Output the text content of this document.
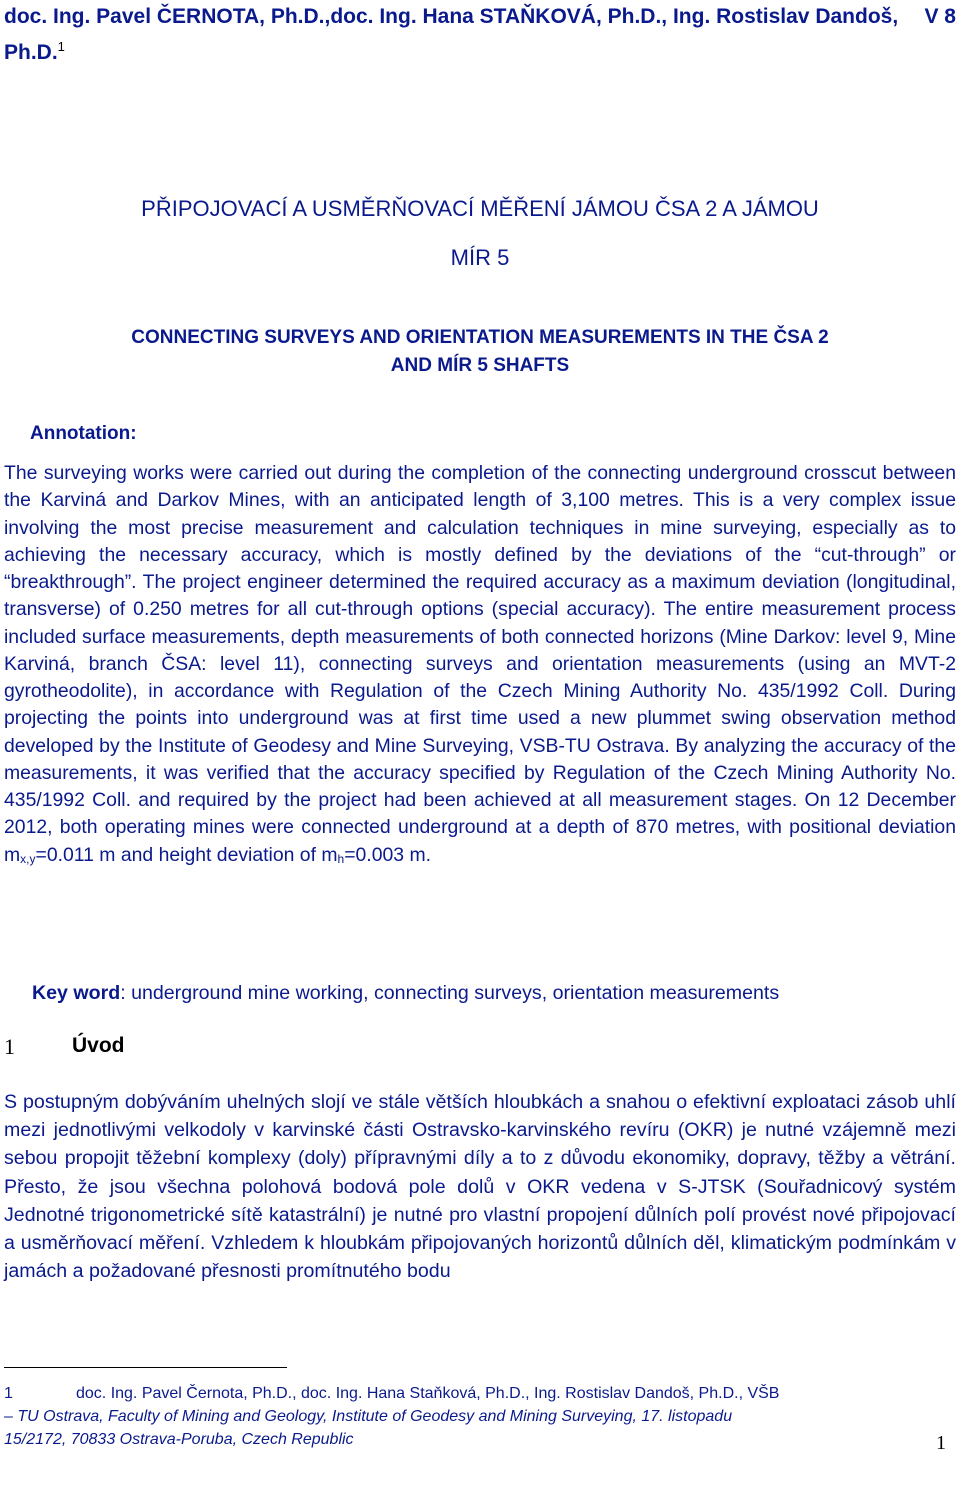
doc. Ing. Pavel ČERNOTA, Ph.D.,doc. Ing. Hana STAŇKOVÁ, Ph.D., Ing. Rostislav Dandoš, Ph.D.$^1$
V 8
PŘIPOJOVACÍ A USMĚRŇOVACÍ MĚŘENÍ JÁMOU ČSA 2 A JÁMOU
MÍR 5
CONNECTING SURVEYS AND ORIENTATION MEASUREMENTS IN THE ČSA 2
AND MÍR 5 SHAFTS
Annotation:

The surveying works were carried out during the completion of the connecting underground crosscut between the Karviná and Darkov Mines, with an anticipated length of 3,100 metres. This is a very complex issue involving the most precise measurement and calculation techniques in mine surveying, especially as to achieving the necessary accuracy, which is mostly defined by the deviations of the “cut-through” or “breakthrough”. The project engineer determined the required accuracy as a maximum deviation (longitudinal, transverse) of 0.250 metres for all cut-through options (special accuracy). The entire measurement process included surface measurements, depth measurements of both connected horizons (Mine Darkov: level 9, Mine Karviná, branch ČSA: level 11), connecting surveys and orientation measurements (using an MVT-2 gyrotheodolite), in accordance with Regulation of the Czech Mining Authority No. 435/1992 Coll. During projecting the points into underground was at first time used a new plummet swing observation method developed by the Institute of Geodesy and Mine Surveying, VSB-TU Ostrava. By analyzing the accuracy of the measurements, it was verified that the accuracy specified by Regulation of the Czech Mining Authority No. 435/1992 Coll. and required by the project had been achieved at all measurement stages. On 12 December 2012, both operating mines were connected underground at a depth of 870 metres, with positional deviation $m_{x,y}=0.011$ m and height deviation of $m_h=0.003$ m.

Key word: underground mine working, connecting surveys, orientation measurements
1	Úvod
S postupným dobýváním uhelných slojí ve stále větších hloubkách a snahou o efektivní exploataci zásob uhlí mezi jednotlivými velkodoly v karvinské části Ostravsko-karvinského revíru (OKR) je nutné vzájemně mezi sebou propojit těžební komplexy (doly) přípravnými díly a to z důvodu ekonomiky, dopravy, těžby a větrání. Přesto, že jsou všechna polohová bodová pole dolů v OKR vedena v S-JTSK (Souřadnicový systém Jednotné trigonometrické sítě katastrální) je nutné pro vlastní propojení důlních polí provést nové připojovací a usměrňovací měření. Vzhledem k hloubkám připojovaných horizontů důlních děl, klimatickým podmínkám v jamách a požadované přesnosti promítnutého bodu
1	doc. Ing. Pavel Černota, Ph.D., doc. Ing. Hana Staňková, Ph.D., Ing. Rostislav Dandoš, Ph.D., VŠB
– TU Ostrava, Faculty of Mining and Geology, Institute of Geodesy and Mining Surveying, 17. listopadu
15/2172, 70833 Ostrava-Poruba, Czech Republic	1
